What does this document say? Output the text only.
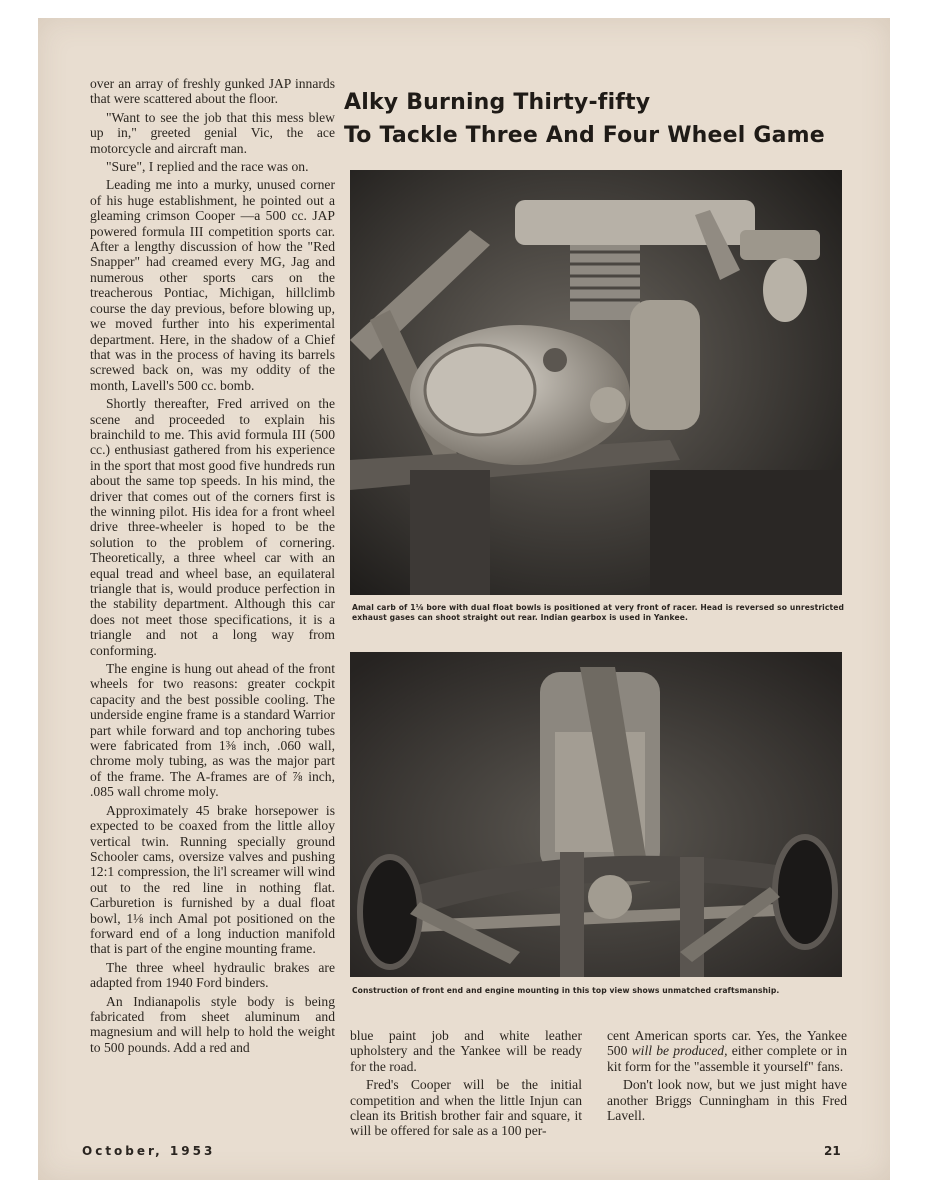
over an array of freshly gunked JAP innards that were scattered about the floor.

"Want to see the job that this mess blew up in," greeted genial Vic, the ace motorcycle and aircraft man.

"Sure", I replied and the race was on.

Leading me into a murky, unused corner of his huge establishment, he pointed out a gleaming crimson Cooper —a 500 cc. JAP powered formula III competition sports car. After a lengthy discussion of how the "Red Snapper" had creamed every MG, Jag and numerous other sports cars on the treacherous Pontiac, Michigan, hillclimb course the day previous, before blowing up, we moved further into his experimental department. Here, in the shadow of a Chief that was in the process of having its barrels screwed back on, was my oddity of the month, Lavell's 500 cc. bomb.

Shortly thereafter, Fred arrived on the scene and proceeded to explain his brainchild to me. This avid formula III (500 cc.) enthusiast gathered from his experience in the sport that most good five hundreds run about the same top speeds. In his mind, the driver that comes out of the corners first is the winning pilot. His idea for a front wheel drive three-wheeler is hoped to be the solution to the problem of cornering. Theoretically, a three wheel car with an equal tread and wheel base, an equilateral triangle that is, would produce perfection in the stability department. Although this car does not meet those specifications, it is a triangle and not a long way from conforming.

The engine is hung out ahead of the front wheels for two reasons: greater cockpit capacity and the best possible cooling. The underside engine frame is a standard Warrior part while forward and top anchoring tubes were fabricated from 1⅜ inch, .060 wall, chrome moly tubing, as was the major part of the frame. The A-frames are of ⅞ inch, .085 wall chrome moly.

Approximately 45 brake horsepower is expected to be coaxed from the little alloy vertical twin. Running specially ground Schooler cams, oversize valves and pushing 12:1 compression, the li'l screamer will wind out to the red line in nothing flat. Carburetion is furnished by a dual float bowl, 1⅛ inch Amal pot positioned on the forward end of a long induction manifold that is part of the engine mounting frame.

The three wheel hydraulic brakes are adapted from 1940 Ford binders.

An Indianapolis style body is being fabricated from sheet aluminum and magnesium and will help to hold the weight to 500 pounds. Add a red and

Alky Burning Thirty-fifty
To Tackle Three And Four Wheel Game
Amal carb of 1⅛ bore with dual float bowls is positioned at very front of racer. Head is reversed so unrestricted exhaust gases can shoot straight out rear. Indian gearbox is used in Yankee.
Construction of front end and engine mounting in this top view shows unmatched craftsmanship.

blue paint job and white leather upholstery and the Yankee will be ready for the road.

Fred's Cooper will be the initial competition and when the little Injun can clean its British brother fair and square, it will be offered for sale as a 100 per-

cent American sports car. Yes, the Yankee 500 will be produced, either complete or in kit form for the "assemble it yourself" fans.

Don't look now, but we just might have another Briggs Cunningham in this Fred Lavell.

October, 1953	21
